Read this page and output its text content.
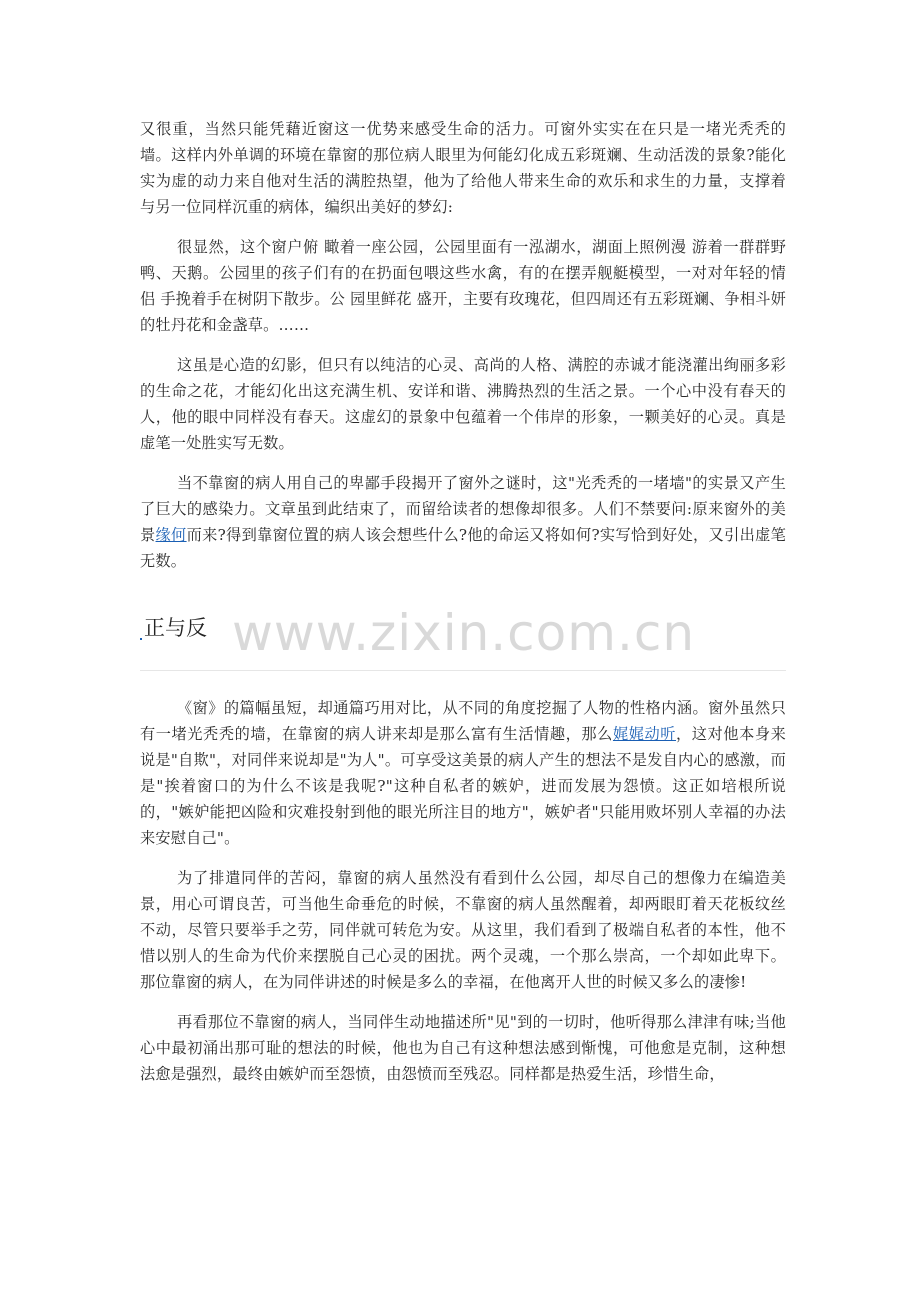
又很重，当然只能凭藉近窗这一优势来感受生命的活力。可窗外实实在在只是一堵光秃秃的墙。这样内外单调的环境在靠窗的那位病人眼里为何能幻化成五彩斑斓、生动活泼的景象?能化实为虚的动力来自他对生活的满腔热望，他为了给他人带来生命的欢乐和求生的力量，支撑着与另一位同样沉重的病体，编织出美好的梦幻:

很显然，这个窗户俯 瞰着一座公园，公园里面有一泓湖水，湖面上照例漫 游着一群群野鸭、天鹅。公园里的孩子们有的在扔面包喂这些水禽，有的在摆弄舰艇模型，一对对年轻的情侣 手挽着手在树阴下散步。公 园里鲜花 盛开，主要有玫瑰花，但四周还有五彩斑斓、争相斗妍的牡丹花和金盏草。……

这虽是心造的幻影，但只有以纯洁的心灵、高尚的人格、满腔的赤诚才能浇灌出绚丽多彩的生命之花，才能幻化出这充满生机、安详和谐、沸腾热烈的生活之景。一个心中没有春天的人，他的眼中同样没有春天。这虚幻的景象中包蕴着一个伟岸的形象，一颗美好的心灵。真是虚笔一处胜实写无数。

当不靠窗的病人用自己的卑鄙手段揭开了窗外之谜时，这"光秃秃的一堵墙"的实景又产生了巨大的感染力。文章虽到此结束了，而留给读者的想像却很多。人们不禁要问:原来窗外的美景缘何而来?得到靠窗位置的病人该会想些什么?他的命运又将如何?实写恰到好处，又引出虚笔无数。

正与反

《窗》的篇幅虽短，却通篇巧用对比，从不同的角度挖掘了人物的性格内涵。窗外虽然只有一堵光秃秃的墙，在靠窗的病人讲来却是那么富有生活情趣，那么娓娓动听，这对他本身来说是"自欺"，对同伴来说却是"为人"。可享受这美景的病人产生的想法不是发自内心的感激，而是"挨着窗口的为什么不该是我呢?"这种自私者的嫉妒，进而发展为怨愤。这正如培根所说的，"嫉妒能把凶险和灾难投射到他的眼光所注目的地方"，嫉妒者"只能用败坏别人幸福的办法来安慰自己"。

为了排遣同伴的苦闷，靠窗的病人虽然没有看到什么公园，却尽自己的想像力在编造美景，用心可谓良苦，可当他生命垂危的时候，不靠窗的病人虽然醒着，却两眼盯着天花板纹丝不动，尽管只要举手之劳，同伴就可转危为安。从这里，我们看到了极端自私者的本性，他不惜以别人的生命为代价来摆脱自己心灵的困扰。两个灵魂，一个那么崇高，一个却如此卑下。那位靠窗的病人，在为同伴讲述的时候是多么的幸福，在他离开人世的时候又多么的凄惨!

再看那位不靠窗的病人，当同伴生动地描述所"见"到的一切时，他听得那么津津有味;当他心中最初涌出那可耻的想法的时候，他也为自己有这种想法感到惭愧，可他愈是克制，这种想法愈是强烈，最终由嫉妒而至怨愤，由怨愤而至残忍。同样都是热爱生活，珍惜生命，

www.zixin.com.cn
